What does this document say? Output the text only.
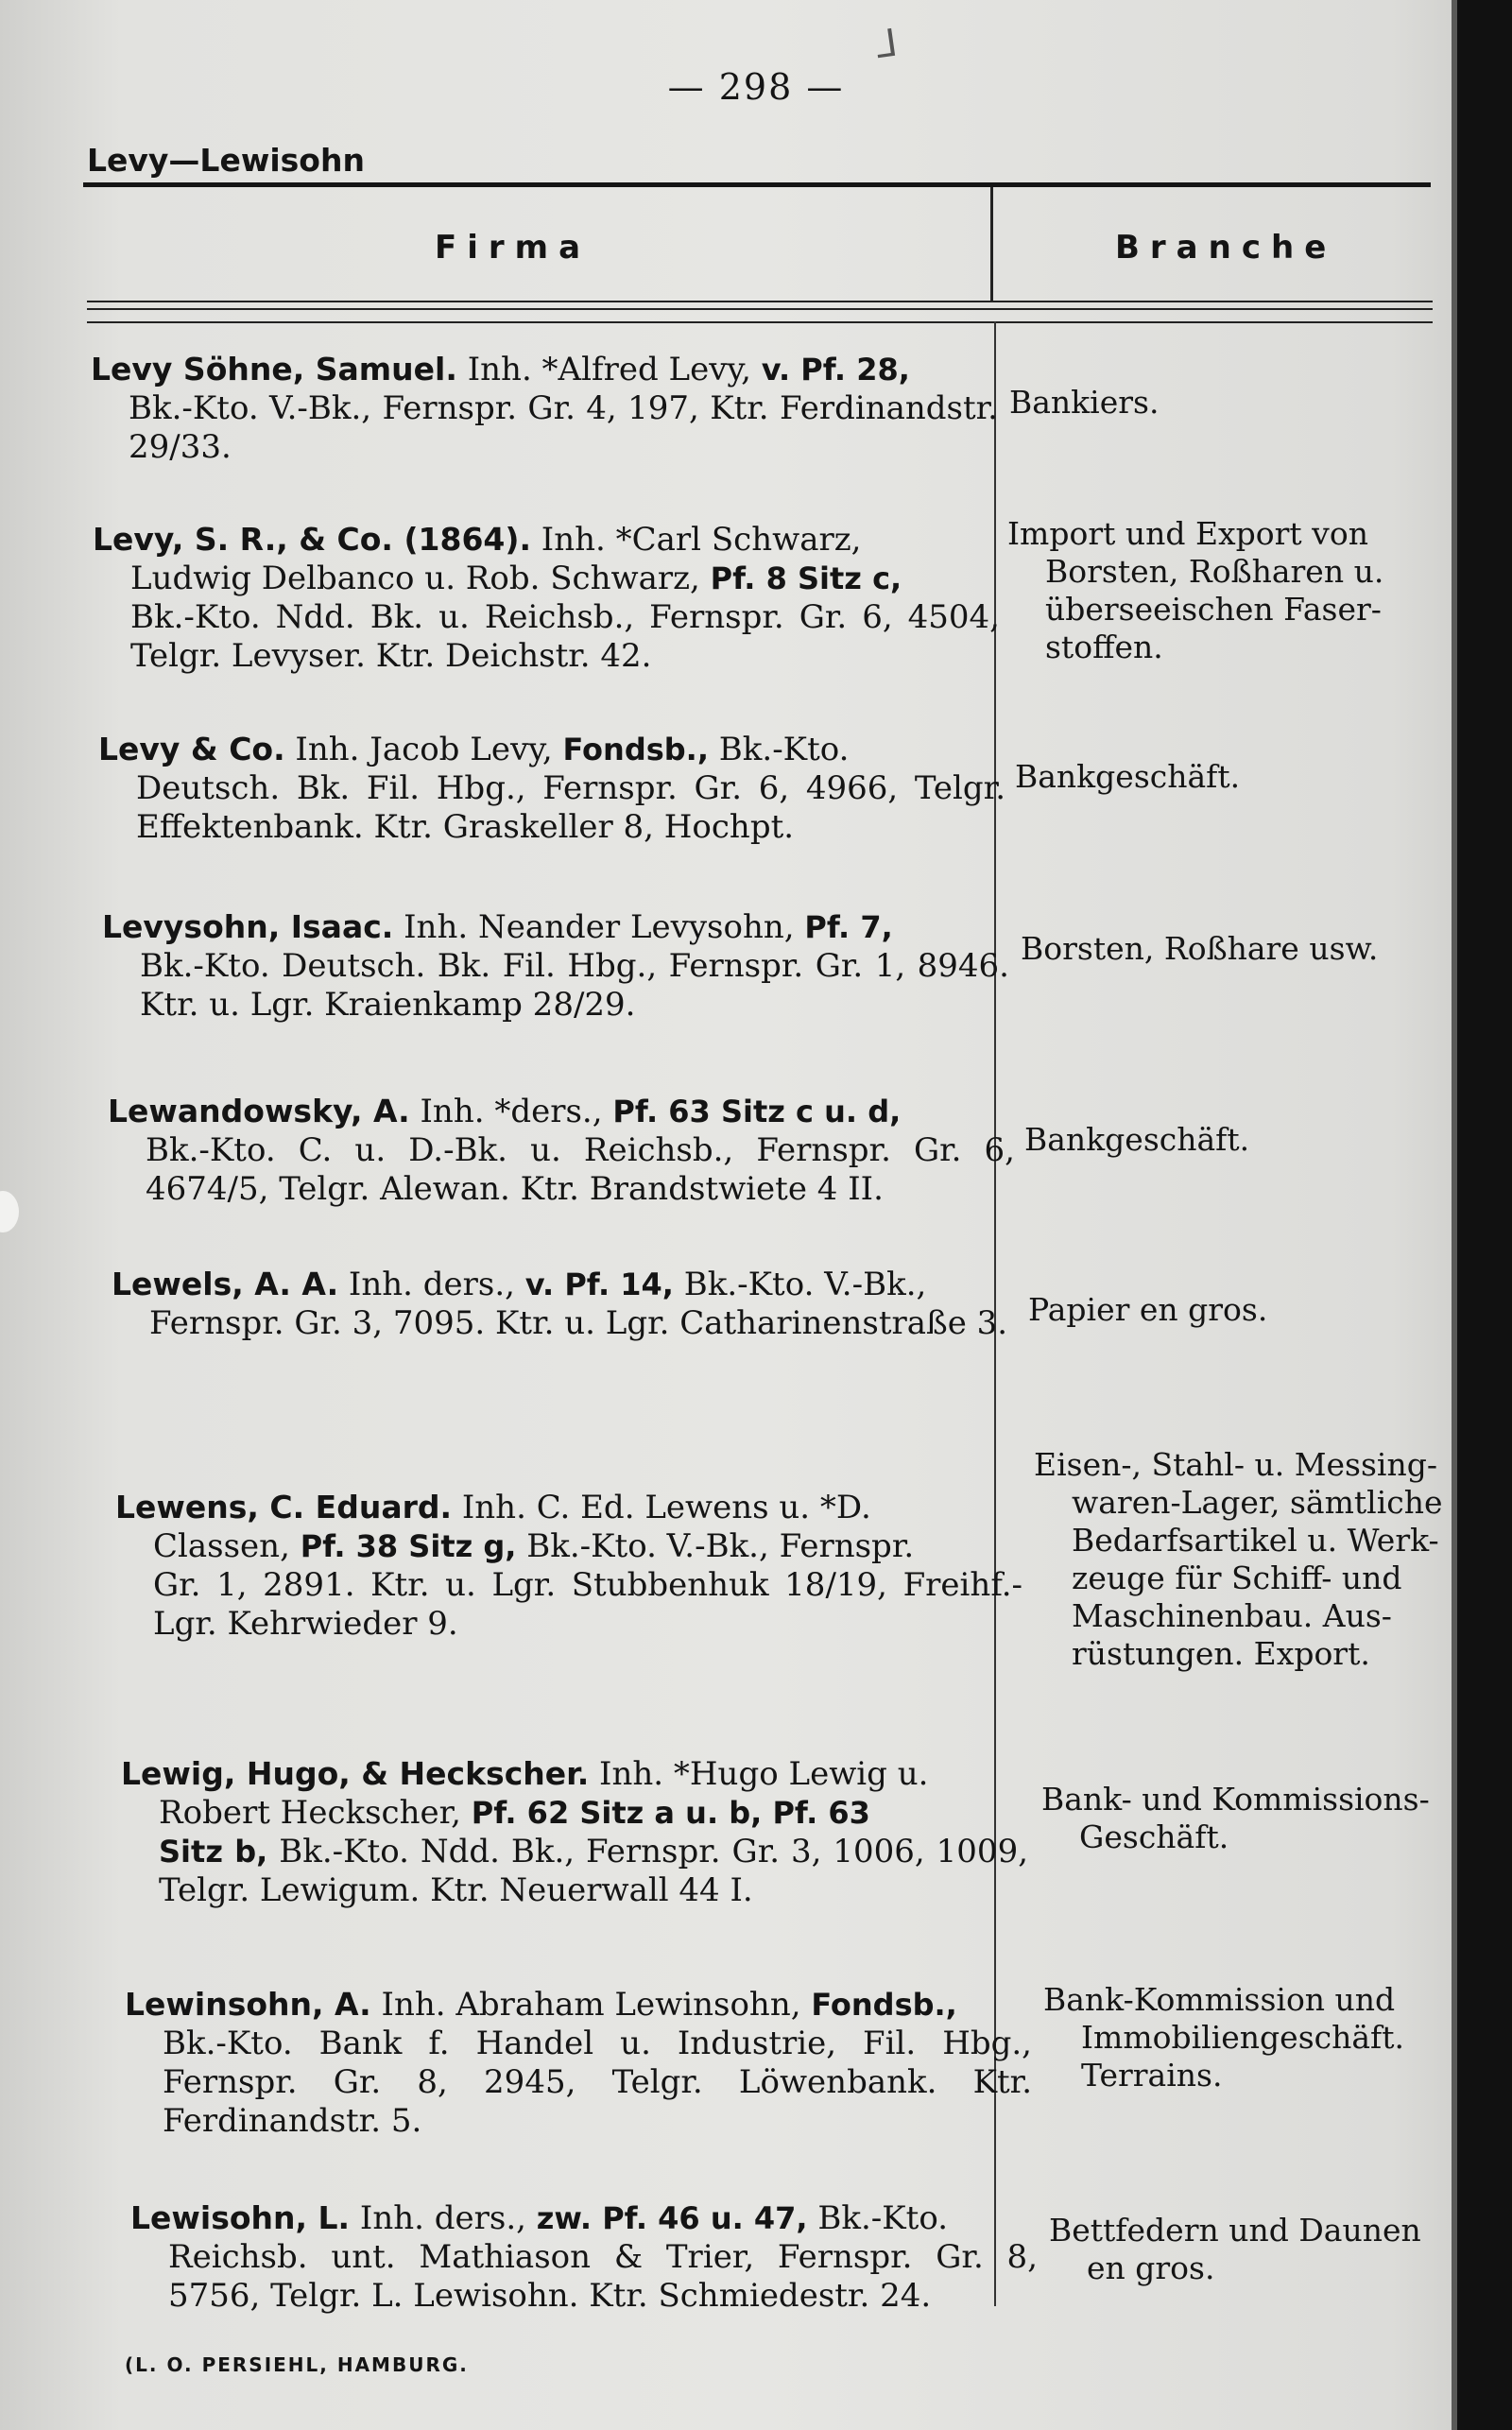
ᒧ
— 298 —
Levy—Lewisohn
Firma	Branche

Levy Söhne, Samuel. Inh. *Alfred Levy, v. Pf. 28,

Bk.-Kto. V.-Bk., Fernspr. Gr. 4, 197, Ktr. Ferdinandstr. 29/33.

Bankiers.

Levy, S. R., & Co. (1864). Inh. *Carl Schwarz,

Ludwig Delbanco u. Rob. Schwarz, Pf. 8 Sitz c,

Bk.-Kto. Ndd. Bk. u. Reichsb., Fernspr. Gr. 6, 4504, Telgr. Levyser. Ktr. Deichstr. 42.

Import und Export von

Borsten, Roßharen u.

überseeischen Faser-

stoffen.

Levy & Co. Inh. Jacob Levy, Fondsb., Bk.-Kto.

Deutsch. Bk. Fil. Hbg., Fernspr. Gr. 6, 4966, Telgr. Effektenbank. Ktr. Graskeller 8, Hochpt.

Bankgeschäft.

Levysohn, Isaac. Inh. Neander Levysohn, Pf. 7,

Bk.-Kto. Deutsch. Bk. Fil. Hbg., Fernspr. Gr. 1, 8946. Ktr. u. Lgr. Kraienkamp 28/29.

Borsten, Roßhare usw.

Lewandowsky, A. Inh. *ders., Pf. 63 Sitz c u. d,

Bk.-Kto. C. u. D.-Bk. u. Reichsb., Fernspr. Gr. 6, 4674/5, Telgr. Alewan. Ktr. Brandstwiete 4 II.

Bankgeschäft.

Lewels, A. A. Inh. ders., v. Pf. 14, Bk.-Kto. V.-Bk.,

Fernspr. Gr. 3, 7095. Ktr. u. Lgr. Catharinenstraße 3. Papier en gros.

Lewens, C. Eduard. Inh. C. Ed. Lewens u. *D.

Classen, Pf. 38 Sitz g, Bk.-Kto. V.-Bk., Fernspr.

Gr. 1, 2891. Ktr. u. Lgr. Stubbenhuk 18/19, Freihf.-Lgr. Kehrwieder 9.

Eisen-, Stahl- u. Messing-

waren-Lager, sämtliche

Bedarfsartikel u. Werk-

zeuge für Schiff- und

Maschinenbau. Aus-

rüstungen. Export.

Lewig, Hugo, & Heckscher. Inh. *Hugo Lewig u.

Robert Heckscher, Pf. 62 Sitz a u. b, Pf. 63

Sitz b, Bk.-Kto. Ndd. Bk., Fernspr. Gr. 3, 1006, 1009, Telgr. Lewigum. Ktr. Neuerwall 44 I.

Bank- und Kommissions-

Geschäft.

Lewinsohn, A. Inh. Abraham Lewinsohn, Fondsb.,

Bk.-Kto. Bank f. Handel u. Industrie, Fil. Hbg., Fernspr. Gr. 8, 2945, Telgr. Löwenbank. Ktr. Ferdinandstr. 5.

Bank-Kommission und

Immobiliengeschäft.

Terrains.

Lewisohn, L. Inh. ders., zw. Pf. 46 u. 47, Bk.-Kto.

Reichsb. unt. Mathiason & Trier, Fernspr. Gr. 8, 5756, Telgr. L. Lewisohn. Ktr. Schmiedestr. 24.

Bettfedern und Daunen

en gros.

(L. O. PERSIEHL, HAMBURG.
